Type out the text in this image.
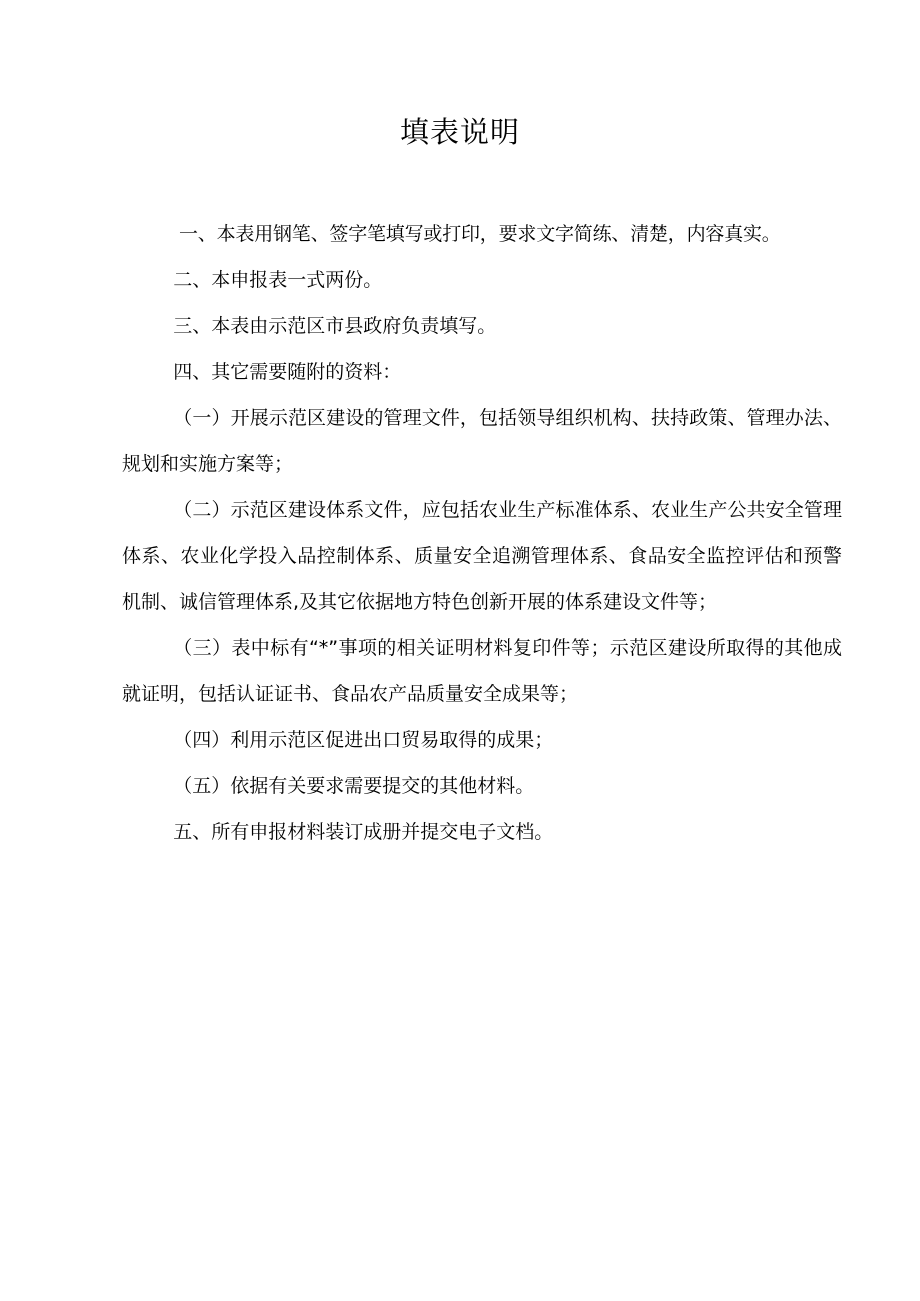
填表说明

一、本表用钢笔、签字笔填写或打印，要求文字简练、清楚，内容真实。

二、本申报表一式两份。

三、本表由示范区市县政府负责填写。

四、其它需要随附的资料：

（一）开展示范区建设的管理文件，包括领导组织机构、扶持政策、管理办法、规划和实施方案等；

（二）示范区建设体系文件，应包括农业生产标准体系、农业生产公共安全管理体系、农业化学投入品控制体系、质量安全追溯管理体系、食品安全监控评估和预警机制、诚信管理体系,及其它依据地方特色创新开展的体系建设文件等；

（三）表中标有“*”事项的相关证明材料复印件等；示范区建设所取得的其他成就证明，包括认证证书、食品农产品质量安全成果等；

（四）利用示范区促进出口贸易取得的成果；

（五）依据有关要求需要提交的其他材料。

五、所有申报材料装订成册并提交电子文档。
